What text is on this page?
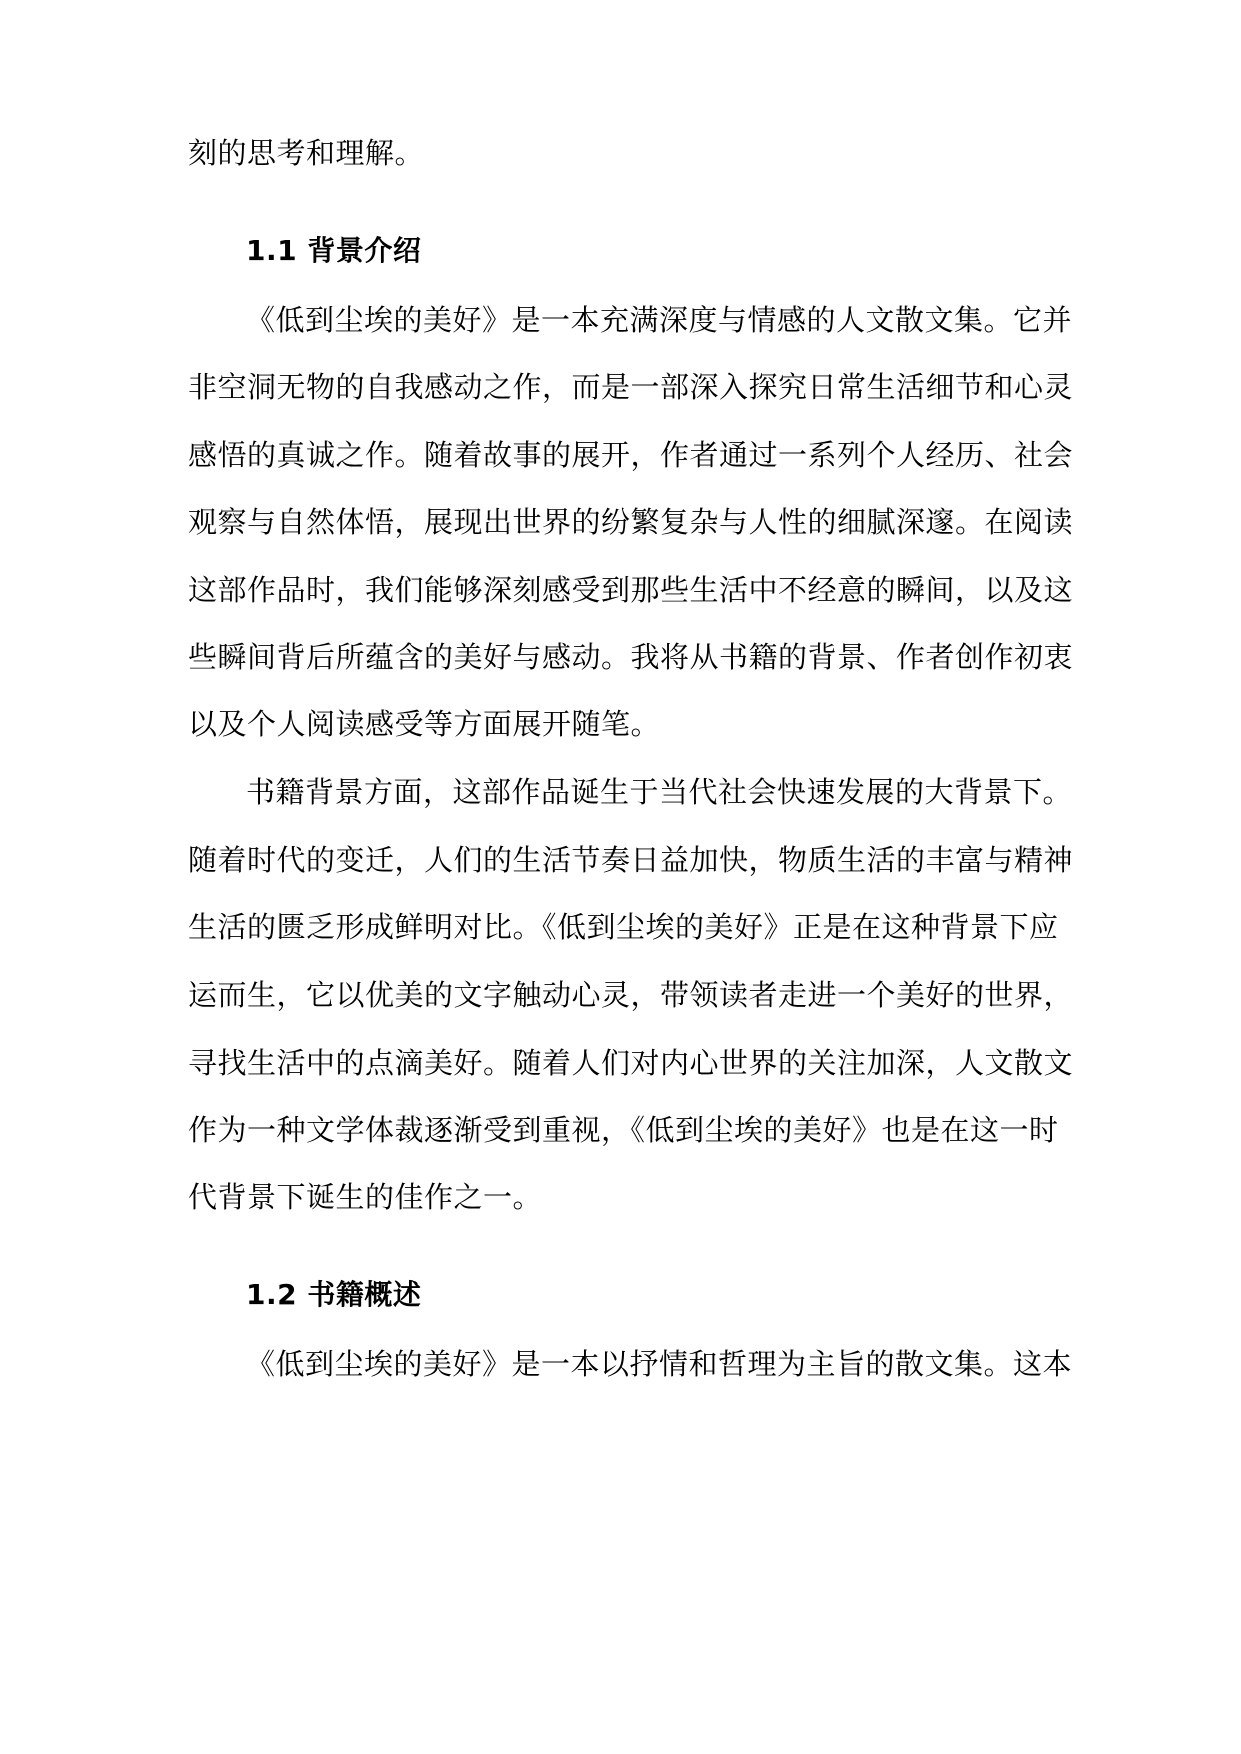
刻的思考和理解。
1.1 背景介绍
《低到尘埃的美好》是一本充满深度与情感的人文散文集。它并
非空洞无物的自我感动之作，而是一部深入探究日常生活细节和心灵
感悟的真诚之作。随着故事的展开，作者通过一系列个人经历、社会
观察与自然体悟，展现出世界的纷繁复杂与人性的细腻深邃。在阅读
这部作品时，我们能够深刻感受到那些生活中不经意的瞬间，以及这
些瞬间背后所蕴含的美好与感动。我将从书籍的背景、作者创作初衷
以及个人阅读感受等方面展开随笔。
书籍背景方面，这部作品诞生于当代社会快速发展的大背景下。
随着时代的变迁，人们的生活节奏日益加快，物质生活的丰富与精神
生活的匮乏形成鲜明对比。《低到尘埃的美好》正是在这种背景下应
运而生，它以优美的文字触动心灵，带领读者走进一个美好的世界，
寻找生活中的点滴美好。随着人们对内心世界的关注加深，人文散文
作为一种文学体裁逐渐受到重视，《低到尘埃的美好》也是在这一时
代背景下诞生的佳作之一。
1.2 书籍概述
《低到尘埃的美好》是一本以抒情和哲理为主旨的散文集。这本
